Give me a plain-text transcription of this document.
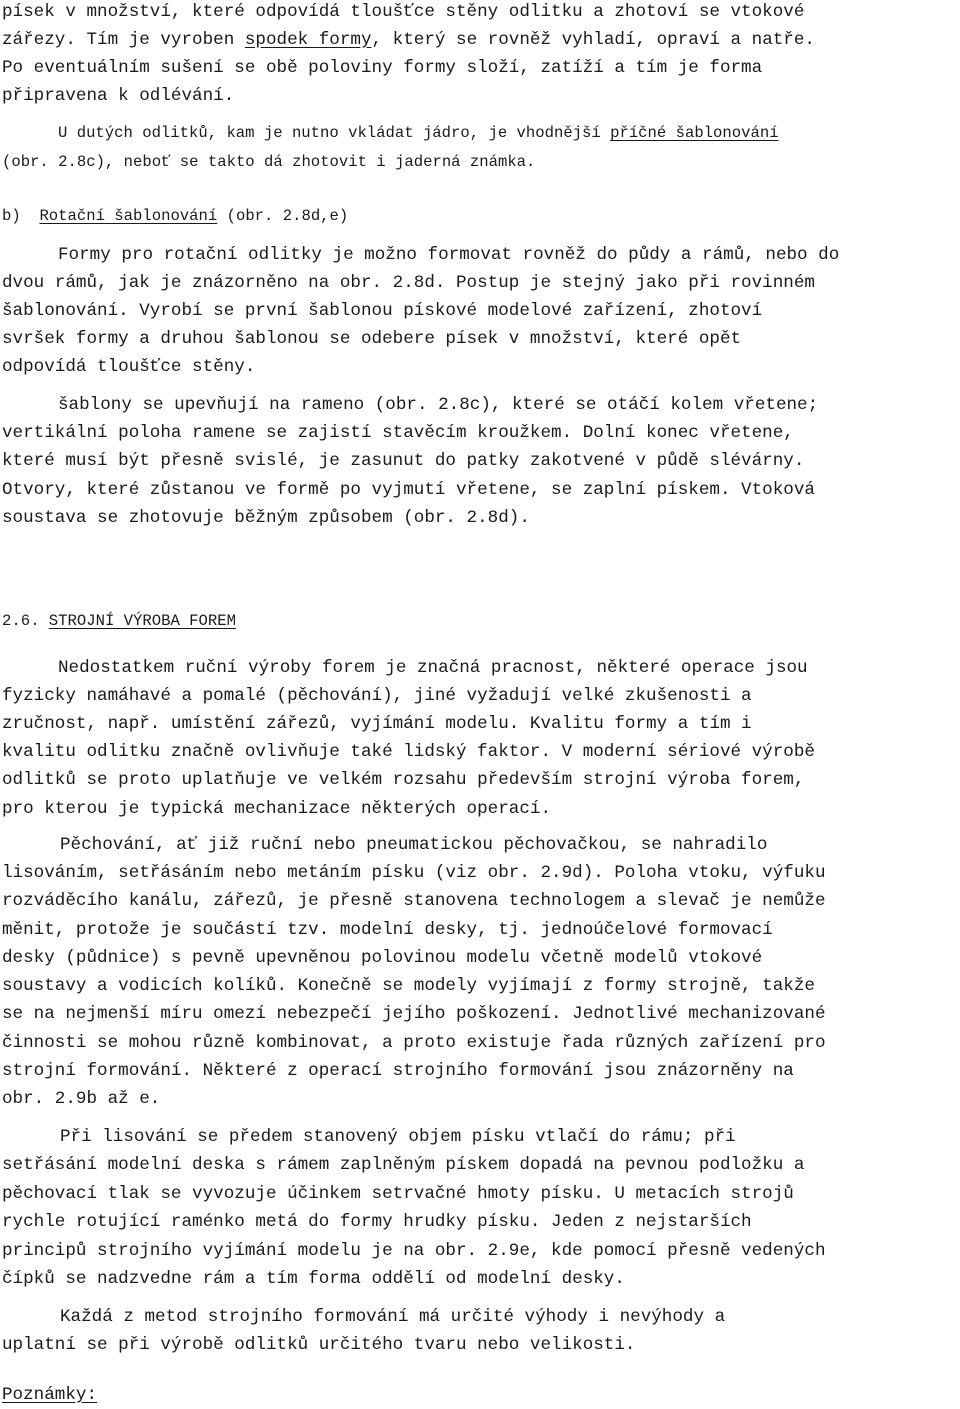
písek v množství, které odpovídá tloušťce stěny odlitku a zhotoví se vtokové
zářezy. Tím je vyroben spodek formy, který se rovněž vyhladí, opraví a natře.
Po eventuálním sušení se obě poloviny formy složí, zatíží a tím je forma
připravena k odlévání.
U dutých odlitků, kam je nutno vkládat jádro, je vhodnější příčné šablonování
(obr. 2.8c), neboť se takto dá zhotovit i jaderná známka.
b) Rotační šablonování (obr. 2.8d,e)
Formy pro rotační odlitky je možno formovat rovněž do půdy a rámů, nebo do
dvou rámů, jak je znázorněno na obr. 2.8d. Postup je stejný jako při rovinném
šablonování. Vyrobí se první šablonou pískové modelové zařízení, zhotoví
svršek formy a druhou šablonou se odebere písek v množství, které opět
odpovídá tloušťce stěny.
šablony se upevňují na rameno (obr. 2.8c), které se otáčí kolem vřetene;
vertikální poloha ramene se zajistí stavěcím kroužkem. Dolní konec vřetene,
které musí být přesně svislé, je zasunut do patky zakotvené v půdě slévárny.
Otvory, které zůstanou ve formě po vyjmutí vřetene, se zaplní pískem. Vtoková
soustava se zhotovuje běžným způsobem (obr. 2.8d).
2.6. STROJNÍ VÝROBA FOREM
Nedostatkem ruční výroby forem je značná pracnost, některé operace jsou
fyzicky namáhavé a pomalé (pěchování), jiné vyžadují velké zkušenosti a
zručnost, např. umístění zářezů, vyjímání modelu. Kvalitu formy a tím i
kvalitu odlitku značně ovlivňuje také lidský faktor. V moderní sériové výrobě
odlitků se proto uplatňuje ve velkém rozsahu především strojní výroba forem,
pro kterou je typická mechanizace některých operací.
Pěchování, ať již ruční nebo pneumatickou pěchovačkou, se nahradilo
lisováním, setřásáním nebo metáním písku (viz obr. 2.9d). Poloha vtoku, výfuku
rozváděcího kanálu, zářezů, je přesně stanovena technologem a slevač je nemůže
měnit, protože je součástí tzv. modelní desky, tj. jednoúčelové formovací
desky (půdnice) s pevně upevněnou polovinou modelu včetně modelů vtokové
soustavy a vodicích kolíků. Konečně se modely vyjímají z formy strojně, takže
se na nejmenší míru omezí nebezpečí jejího poškození. Jednotlivé mechanizované
činnosti se mohou různě kombinovat, a proto existuje řada různých zařízení pro
strojní formování. Některé z operací strojního formování jsou znázorněny na
obr. 2.9b až e.
Při lisování se předem stanovený objem písku vtlačí do rámu; při
setřásání modelní deska s rámem zaplněným pískem dopadá na pevnou podložku a
pěchovací tlak se vyvozuje účinkem setrvačné hmoty písku. U metacích strojů
rychle rotující raménko metá do formy hrudky písku. Jeden z nejstarších
principů strojního vyjímání modelu je na obr. 2.9e, kde pomocí přesně vedených
čípků se nadzvedne rám a tím forma oddělí od modelní desky.
Každá z metod strojního formování má určité výhody i nevýhody a
uplatní se při výrobě odlitků určitého tvaru nebo velikosti.
Poznámky:
